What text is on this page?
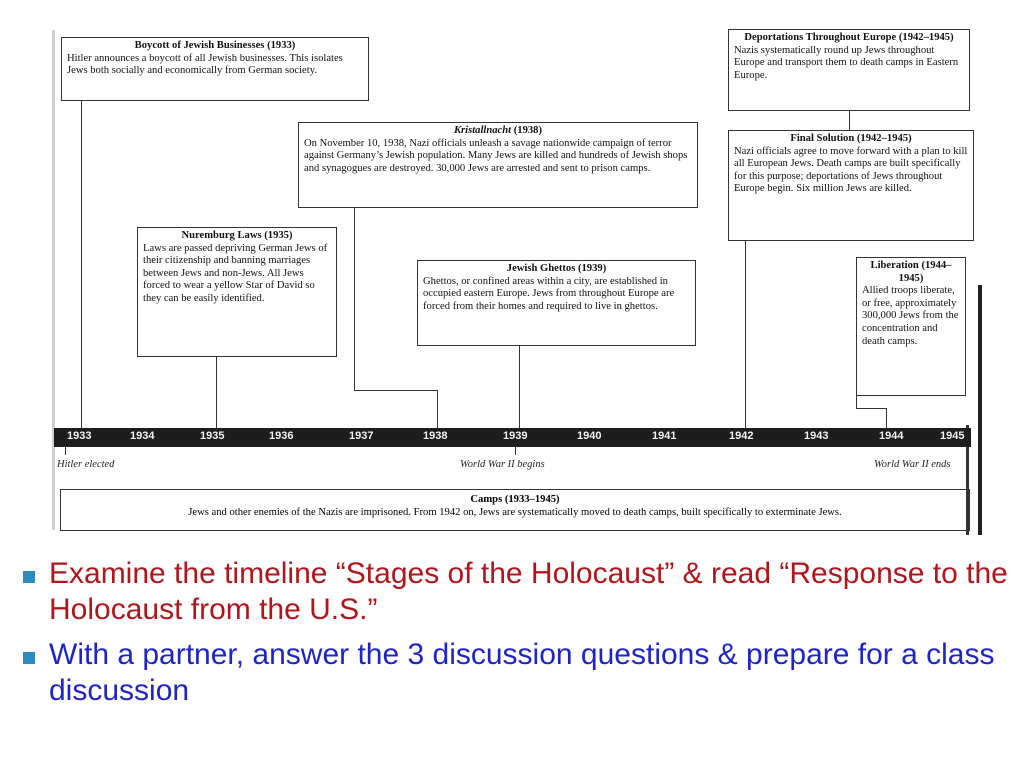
Boycott of Jewish Businesses (1933)
Hitler announces a boycott of all Jewish businesses. This isolates Jews both socially and economically from German society.
Kristallnacht (1938)
On November 10, 1938, Nazi officials unleash a savage nationwide campaign of terror against Germany’s Jewish population. Many Jews are killed and hundreds of Jewish shops and synagogues are destroyed. 30,000 Jews are arrested and sent to prison camps.
Nuremburg Laws (1935)
Laws are passed depriving German Jews of their citizenship and banning marriages between Jews and non-Jews. All Jews forced to wear a yellow Star of David so they can be easily identified.
Jewish Ghettos (1939)
Ghettos, or confined areas within a city, are established in occupied eastern Europe. Jews from throughout Europe are forced from their homes and required to live in ghettos.
Deportations Throughout Europe (1942–1945)
Nazis systematically round up Jews throughout Europe and transport them to death camps in Eastern Europe.
Final Solution (1942–1945)
Nazi officials agree to move forward with a plan to kill all European Jews. Death camps are built specifically for this purpose; deportations of Jews throughout Europe begin. Six million Jews are killed.
Liberation (1944–1945)
Allied troops liberate, or free, approximately 300,000 Jews from the concentration and death camps.
1933	1934	1935	1936	1937	1938	1939	1940	1941	1942	1943	1944	1945
Hitler elected	World War II begins	World War II ends
Camps (1933–1945)
Jews and other enemies of the Nazis are imprisoned. From 1942 on, Jews are systematically moved to death camps, built specifically to exterminate Jews.
Examine the timeline “Stages of the Holocaust” & read “Response to the Holocaust from the U.S.”
With a partner, answer the 3 discussion questions & prepare for a class discussion
